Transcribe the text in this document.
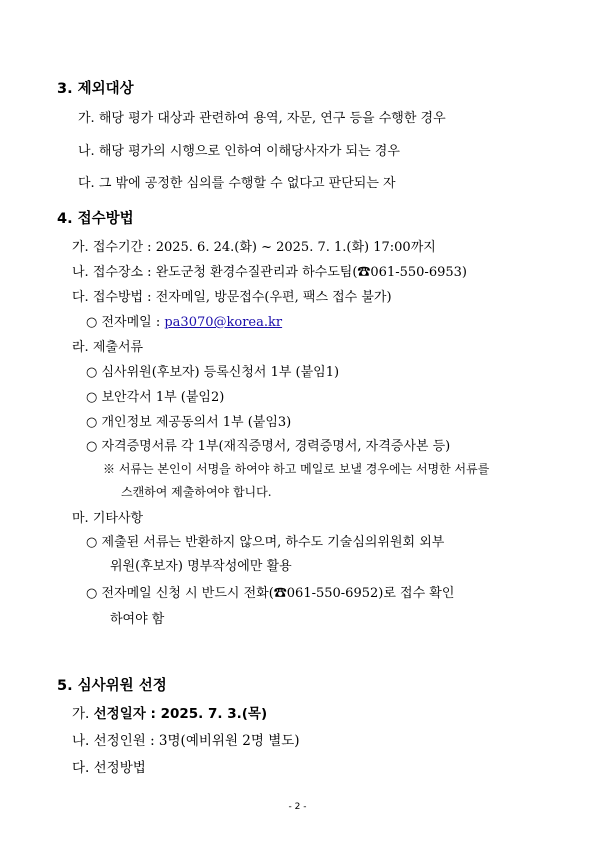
3. 제외대상
가. 해당 평가 대상과 관련하여 용역, 자문, 연구 등을 수행한 경우
나. 해당 평가의 시행으로 인하여 이해당사자가 되는 경우
다. 그 밖에 공정한 심의를 수행할 수 없다고 판단되는 자
4. 접수방법
가. 접수기간 : 2025. 6. 24.(화) ~ 2025. 7. 1.(화) 17:00까지
나. 접수장소 : 완도군청 환경수질관리과 하수도팀(☎061-550-6953)
다. 접수방법 : 전자메일, 방문접수(우편, 팩스 접수 불가)
○ 전자메일 : pa3070@korea.kr
라. 제출서류
○ 심사위원(후보자) 등록신청서 1부 (붙임1)
○ 보안각서 1부 (붙임2)
○ 개인정보 제공동의서 1부 (붙임3)
○ 자격증명서류 각 1부(재직증명서, 경력증명서, 자격증사본 등)
※ 서류는 본인이 서명을 하여야 하고 메일로 보낼 경우에는 서명한 서류를
스캔하여 제출하여야 합니다.
마. 기타사항
○ 제출된 서류는 반환하지 않으며, 하수도 기술심의위원회 외부
위원(후보자) 명부작성에만 활용
○ 전자메일 신청 시 반드시 전화(☎061-550-6952)로 접수 확인
하여야 함
5. 심사위원 선정
가. 선정일자 : 2025. 7. 3.(목)
나. 선정인원 : 3명(예비위원 2명 별도)
다. 선정방법
- 2 -
